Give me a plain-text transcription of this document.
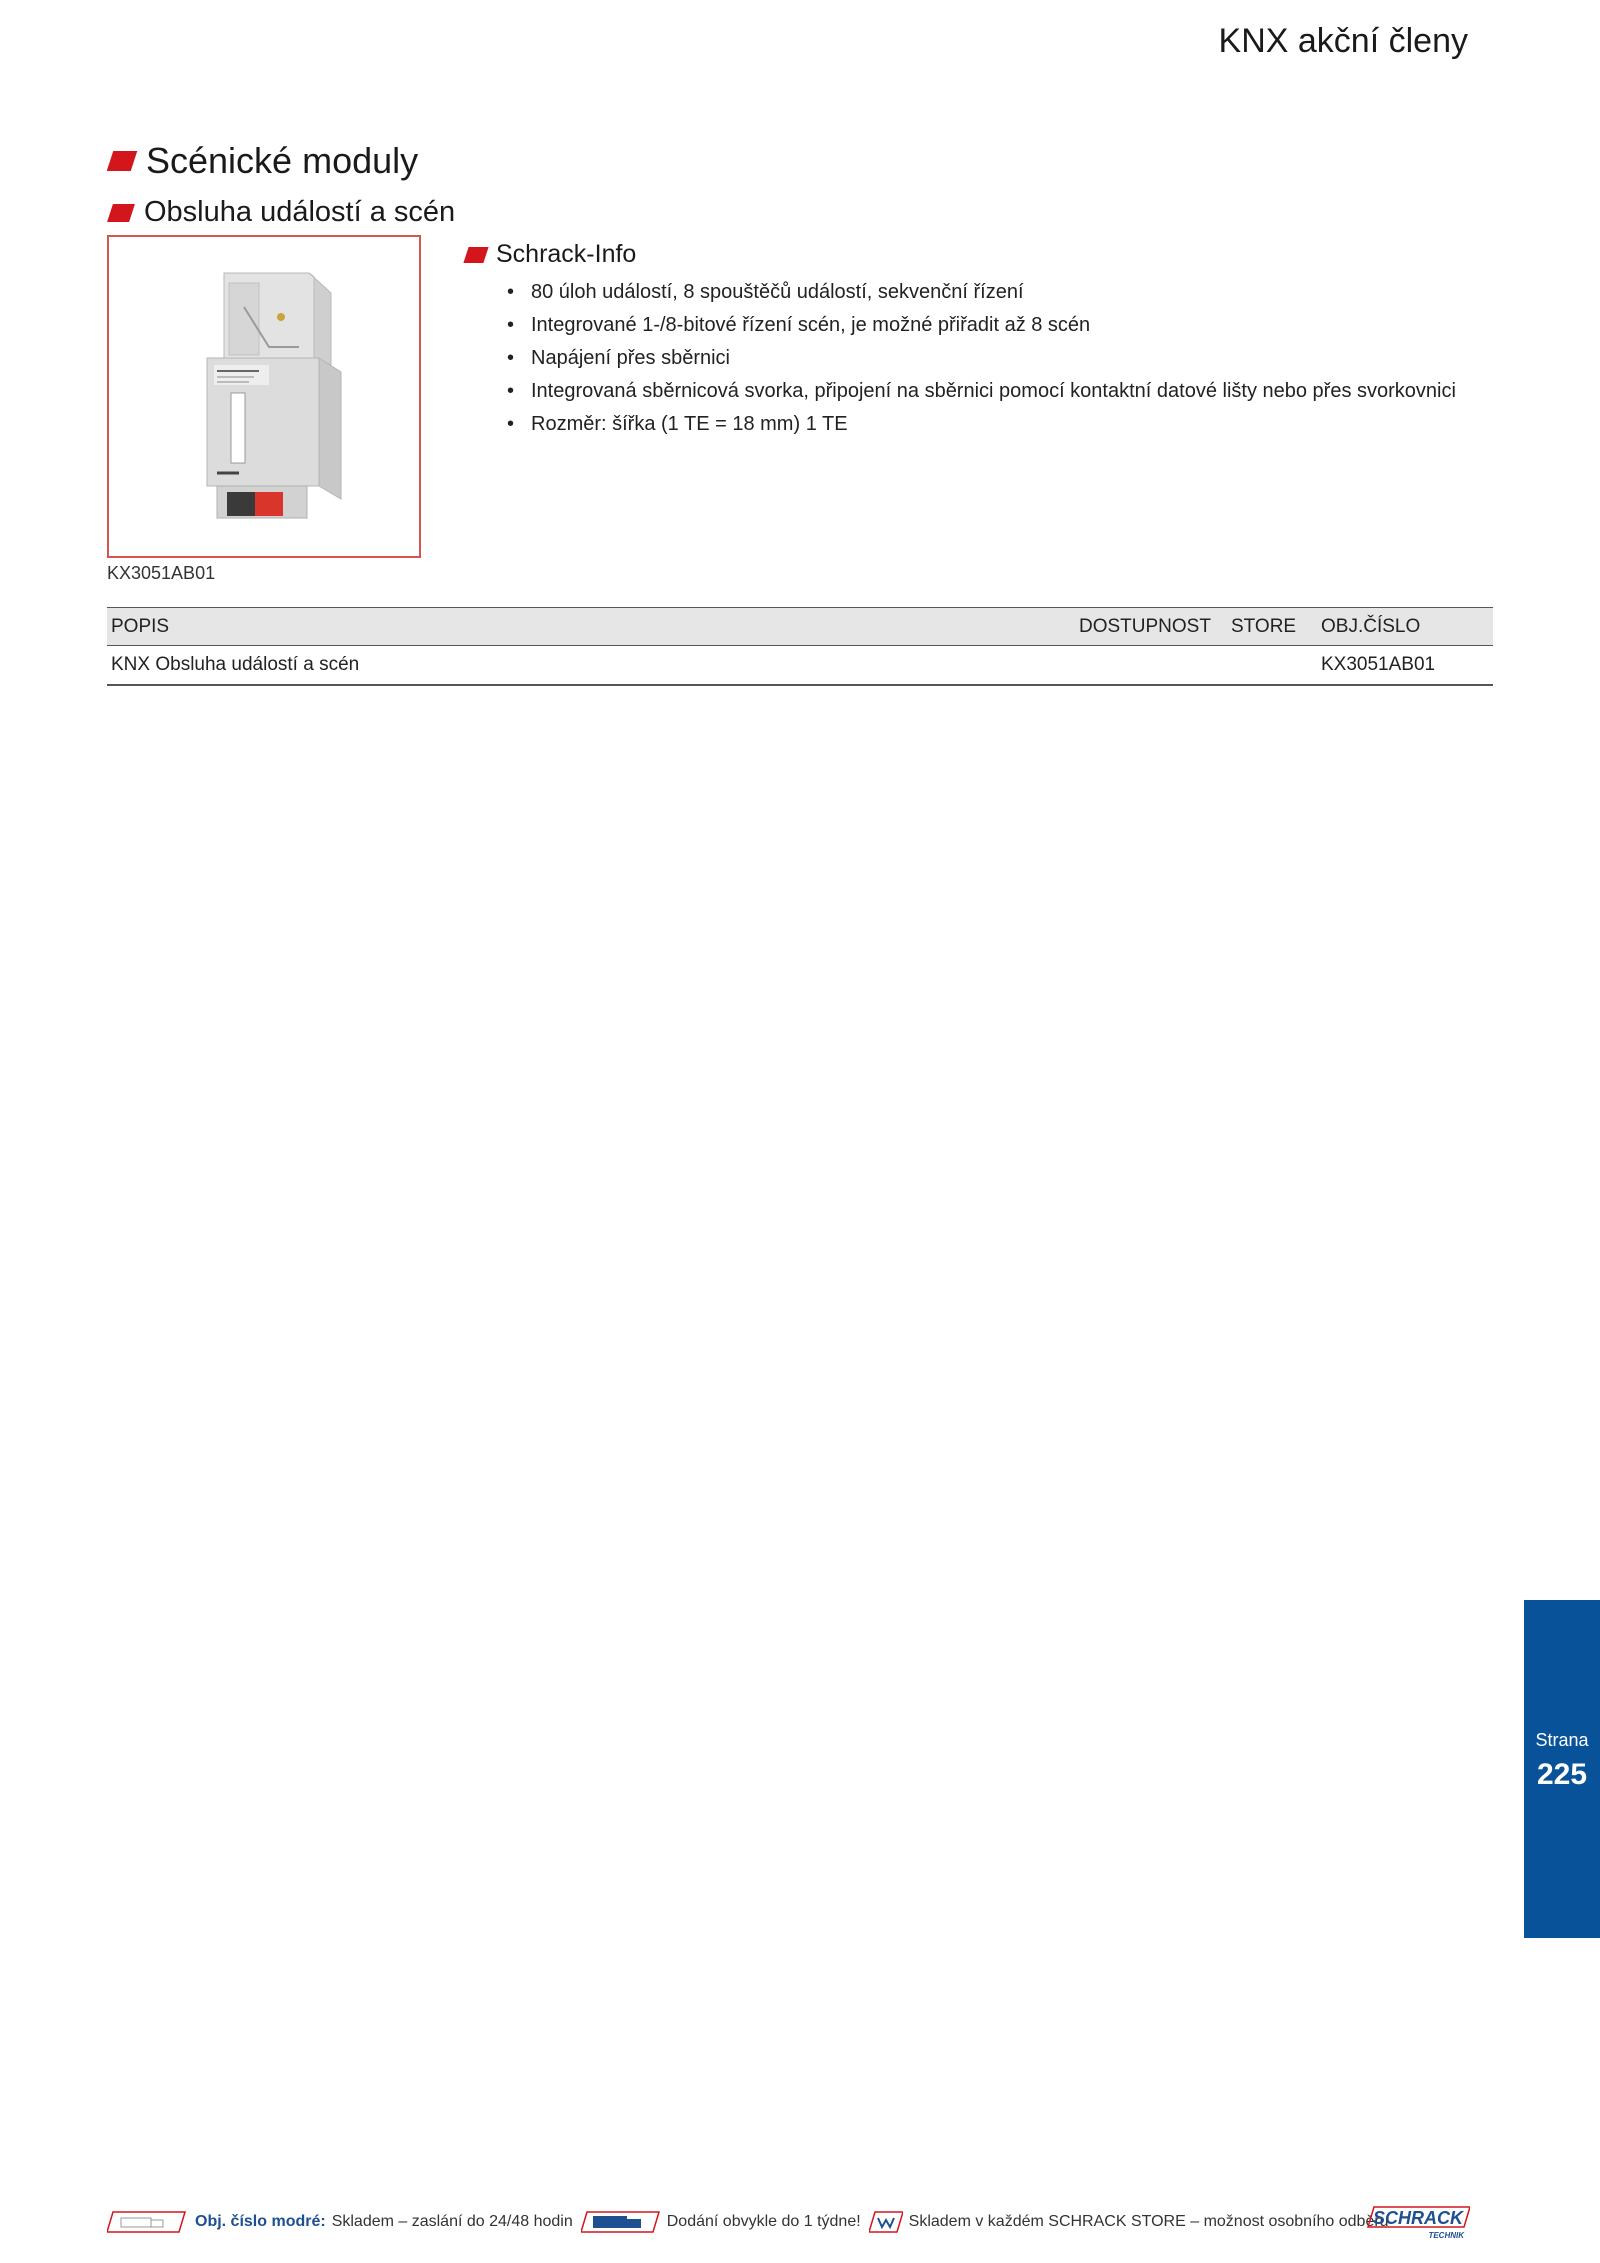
KNX akční členy
Scénické moduly
Obsluha událostí a scén
KX3051AB01
Schrack-Info
• 80 úloh událostí, 8 spouštěčů událostí, sekvenční řízení
• Integrované 1-/8-bitové řízení scén, je možné přiřadit až 8 scén
• Napájení přes sběrnici
• Integrovaná sběrnicová svorka, připojení na sběrnici pomocí kontaktní datové lišty nebo přes svorkovnici
• Rozměr: šířka (1 TE = 18 mm) 1 TE
POPIS	DOSTUPNOST	STORE	OBJ.ČÍSLO
KNX Obsluha událostí a scén			KX3051AB01
Strana
225
Obj. číslo modré: Skladem – zaslání do 24/48 hodin	Dodání obvykle do 1 týdne!	Skladem v každém SCHRACK STORE – možnost osobního odběru
SCHRACK
TECHNIK
